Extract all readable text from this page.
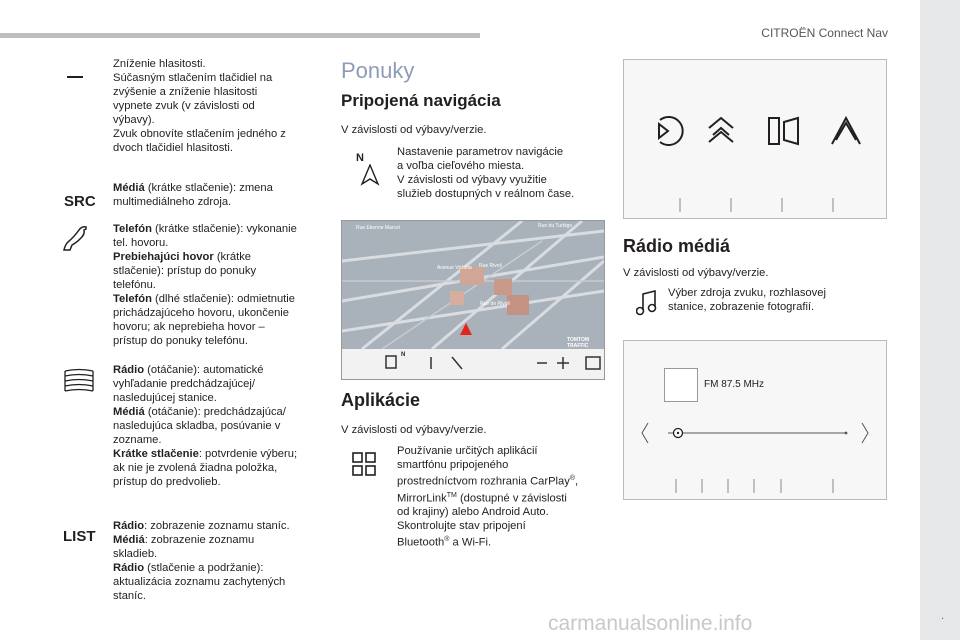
CITROËN Connect Nav
Zníženie hlasitosti.
Súčasným stlačením tlačidiel na
zvýšenie a zníženie hlasitosti
vypnete zvuk (v závislosti od
výbavy).
Zvuk obnovíte stlačením jedného z
dvoch tlačidiel hlasitosti.
SRC
Médiá (krátke stlačenie): zmena
multimediálneho zdroja.
Telefón (krátke stlačenie): vykonanie
tel. hovoru.
Prebiehajúci hovor (krátke
stlačenie): prístup do ponuky
telefónu.
Telefón (dlhé stlačenie): odmietnutie
prichádzajúceho hovoru, ukončenie
hovoru; ak neprebieha hovor –
prístup do ponuky telefónu.
Rádio (otáčanie): automatické
vyhľadanie predchádzajúcej/
nasledujúcej stanice.
Médiá (otáčanie): predchádzajúca/
nasledujúca skladba, posúvanie v
zozname.
Krátke stlačenie: potvrdenie výberu;
ak nie je zvolená žiadna položka,
prístup do predvolieb.
LIST
Rádio: zobrazenie zoznamu staníc.
Médiá: zobrazenie zoznamu
skladieb.
Rádio (stlačenie a podržanie):
aktualizácia zoznamu zachytených
staníc.
Ponuky
Pripojená navigácia
V závislosti od výbavy/verzie.
N	Nastavenie parametrov navigácie
a voľba cieľového miesta.
V závislosti od výbavy využitie
služieb dostupných v reálnom čase.
Rue Etienne Marcel	Rue du Turbigo
Avenue Victoria Rue Rivoli
Rue de Rivoli
TOMTOM
TRAFFIC
N
Aplikácie
V závislosti od výbavy/verzie.
Používanie určitých aplikácií
smartfónu pripojeného
prostredníctvom rozhrania CarPlay®,
MirrorLink™ (dostupné v závislosti
od krajiny) alebo Android Auto.
Skontrolujte stav pripojení
Bluetooth® a Wi-Fi.
Rádio médiá
V závislosti od výbavy/verzie.
Výber zdroja zvuku, rozhlasovej
stanice, zobrazenie fotografií.
FM 87.5 MHz
.
carmanualsonline.info
